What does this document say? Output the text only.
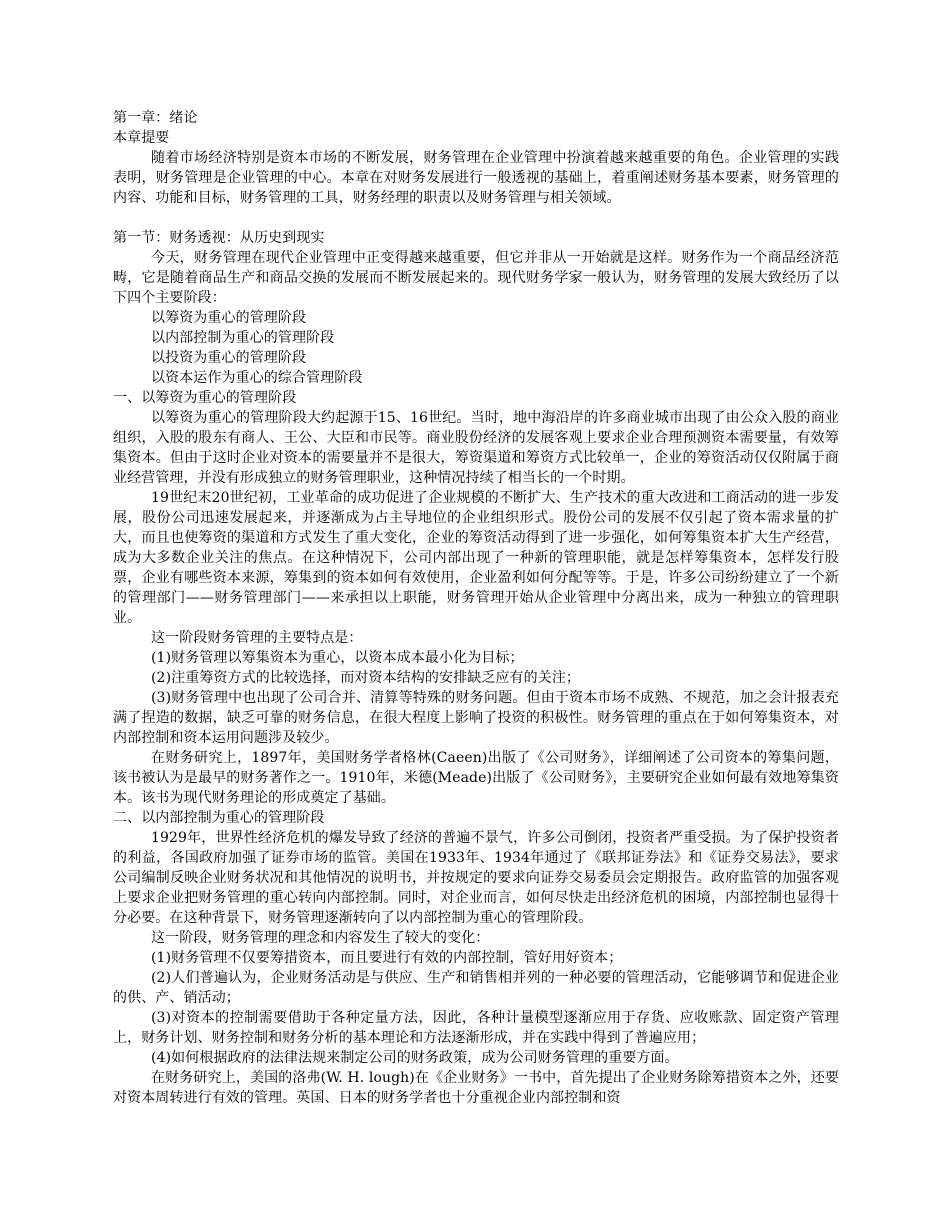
第一章：绪论

本章提要

随着市场经济特别是资本市场的不断发展，财务管理在企业管理中扮演着越来越重要的角色。企业管理的实践表明，财务管理是企业管理的中心。本章在对财务发展进行一般透视的基础上，着重阐述财务基本要素，财务管理的内容、功能和目标，财务管理的工具，财务经理的职责以及财务管理与相关领域。

第一节：财务透视：从历史到现实

今天，财务管理在现代企业管理中正变得越来越重要，但它并非从一开始就是这样。财务作为一个商品经济范畴，它是随着商品生产和商品交换的发展而不断发展起来的。现代财务学家一般认为，财务管理的发展大致经历了以下四个主要阶段：

以筹资为重心的管理阶段

以内部控制为重心的管理阶段

以投资为重心的管理阶段

以资本运作为重心的综合管理阶段

一、以筹资为重心的管理阶段

以筹资为重心的管理阶段大约起源于15、16世纪。当时，地中海沿岸的许多商业城市出现了由公众入股的商业组织，入股的股东有商人、王公、大臣和市民等。商业股份经济的发展客观上要求企业合理预测资本需要量，有效筹集资本。但由于这时企业对资本的需要量并不是很大，筹资渠道和筹资方式比较单一，企业的筹资活动仅仅附属于商业经营管理，并没有形成独立的财务管理职业，这种情况持续了相当长的一个时期。

19世纪末20世纪初，工业革命的成功促进了企业规模的不断扩大、生产技术的重大改进和工商活动的进一步发展，股份公司迅速发展起来，并逐渐成为占主导地位的企业组织形式。股份公司的发展不仅引起了资本需求量的扩大，而且也使筹资的渠道和方式发生了重大变化，企业的筹资活动得到了进一步强化，如何筹集资本扩大生产经营，成为大多数企业关注的焦点。在这种情况下，公司内部出现了一种新的管理职能，就是怎样筹集资本，怎样发行股票，企业有哪些资本来源，筹集到的资本如何有效使用，企业盈利如何分配等等。于是，许多公司纷纷建立了一个新的管理部门——财务管理部门——来承担以上职能，财务管理开始从企业管理中分离出来，成为一种独立的管理职业。

这一阶段财务管理的主要特点是：

(1)财务管理以筹集资本为重心，以资本成本最小化为目标；

(2)注重筹资方式的比较选择，而对资本结构的安排缺乏应有的关注；

(3)财务管理中也出现了公司合并、清算等特殊的财务问题。但由于资本市场不成熟、不规范，加之会计报表充满了捏造的数据，缺乏可靠的财务信息，在很大程度上影响了投资的积极性。财务管理的重点在于如何筹集资本，对内部控制和资本运用问题涉及较少。

在财务研究上，1897年，美国财务学者格林(Caeen)出版了《公司财务》，详细阐述了公司资本的筹集问题，该书被认为是最早的财务著作之一。1910年，米德(Meade)出版了《公司财务》，主要研究企业如何最有效地筹集资本。该书为现代财务理论的形成奠定了基础。

二、以内部控制为重心的管理阶段

1929年，世界性经济危机的爆发导致了经济的普遍不景气，许多公司倒闭，投资者严重受损。为了保护投资者的利益，各国政府加强了证券市场的监管。美国在1933年、1934年通过了《联邦证券法》和《证券交易法》，要求公司编制反映企业财务状况和其他情况的说明书，并按规定的要求向证券交易委员会定期报告。政府监管的加强客观上要求企业把财务管理的重心转向内部控制。同时，对企业而言，如何尽快走出经济危机的困境，内部控制也显得十分必要。在这种背景下，财务管理逐渐转向了以内部控制为重心的管理阶段。

这一阶段，财务管理的理念和内容发生了较大的变化：

(1)财务管理不仅要筹措资本，而且要进行有效的内部控制，管好用好资本；

(2)人们普遍认为，企业财务活动是与供应、生产和销售相并列的一种必要的管理活动，它能够调节和促进企业的供、产、销活动；

(3)对资本的控制需要借助于各种定量方法，因此，各种计量模型逐渐应用于存货、应收账款、固定资产管理上，财务计划、财务控制和财务分析的基本理论和方法逐渐形成，并在实践中得到了普遍应用；

(4)如何根据政府的法律法规来制定公司的财务政策，成为公司财务管理的重要方面。

在财务研究上，美国的洛弗(W. H. lough)在《企业财务》一书中，首先提出了企业财务除筹措资本之外，还要对资本周转进行有效的管理。英国、日本的财务学者也十分重视企业内部控制和资
